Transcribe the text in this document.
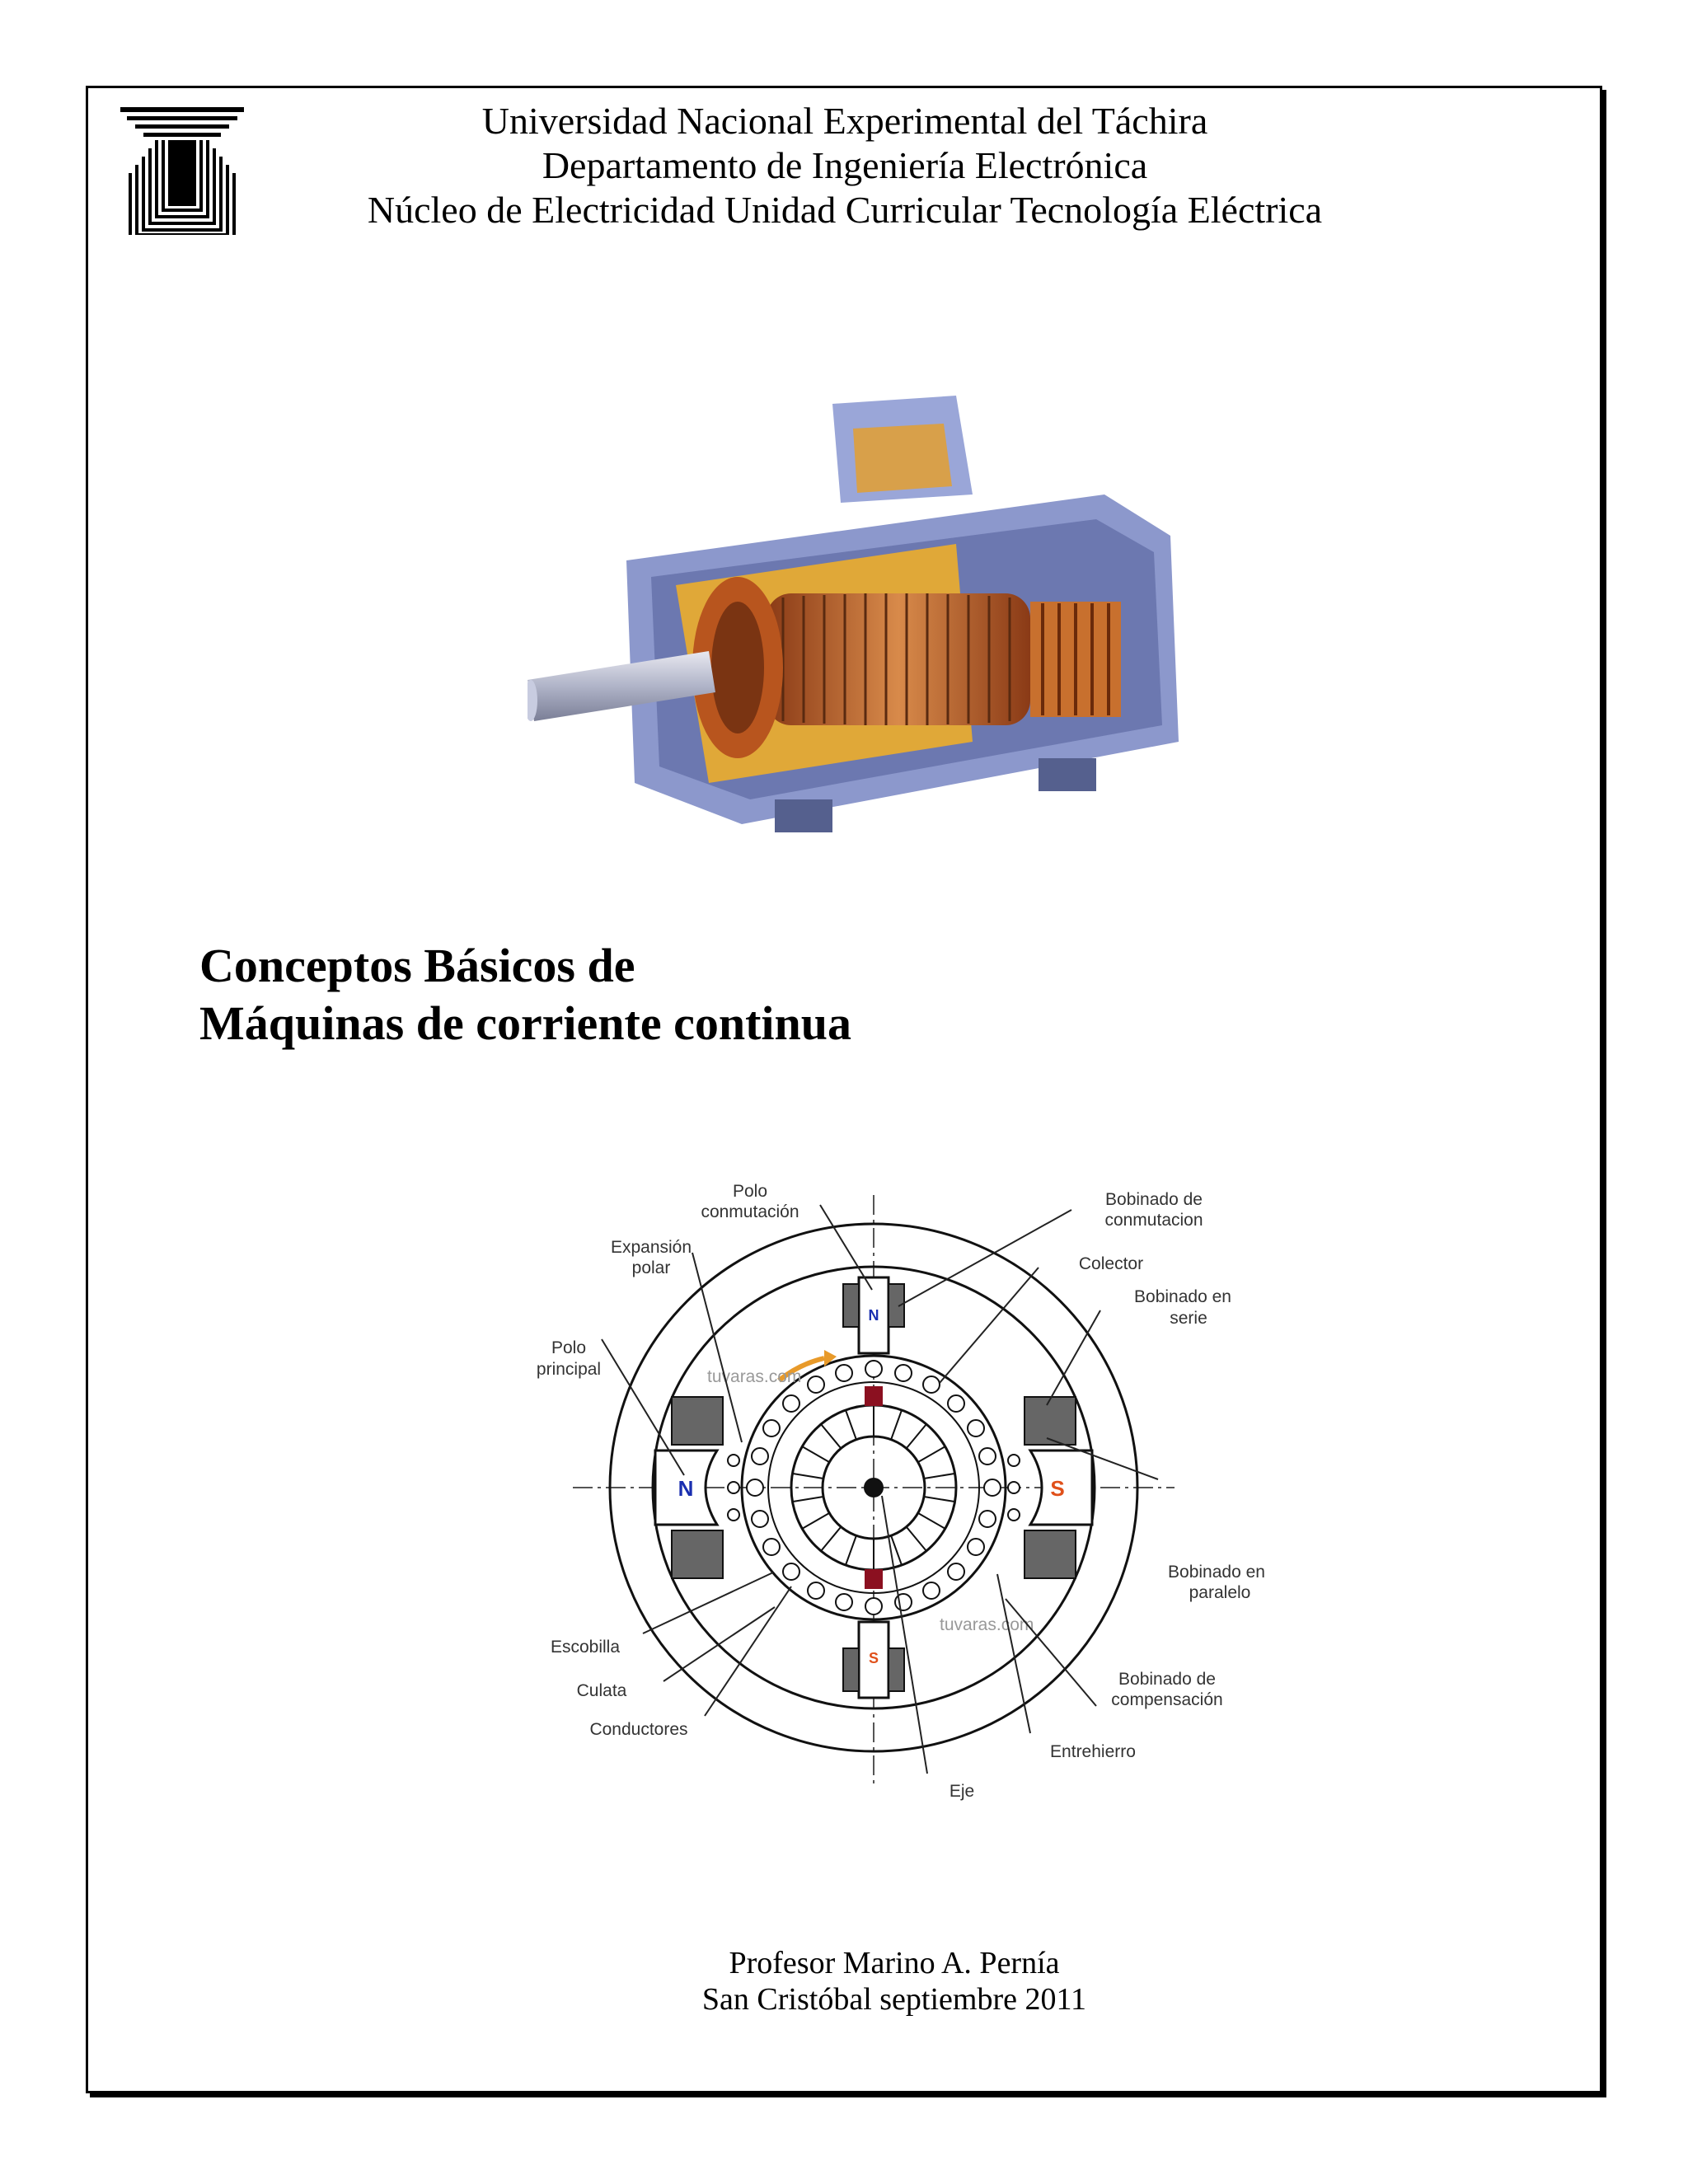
Universidad Nacional Experimental del Táchira
Departamento de Ingeniería Electrónica
Núcleo de Electricidad Unidad Curricular Tecnología Eléctrica
Conceptos Básicos de
Máquinas de corriente continua
N	S
N
S
tuvaras.com
tuvaras.com
Polo
conmutación
Expansión
polar
Polo
principal
Bobinado de
conmutacion
Colector
Bobinado en
serie
Bobinado en
paralelo
Bobinado de
compensación
Entrehierro
Eje
Escobilla
Culata
Conductores
Profesor Marino A. Pernía
San Cristóbal septiembre 2011
